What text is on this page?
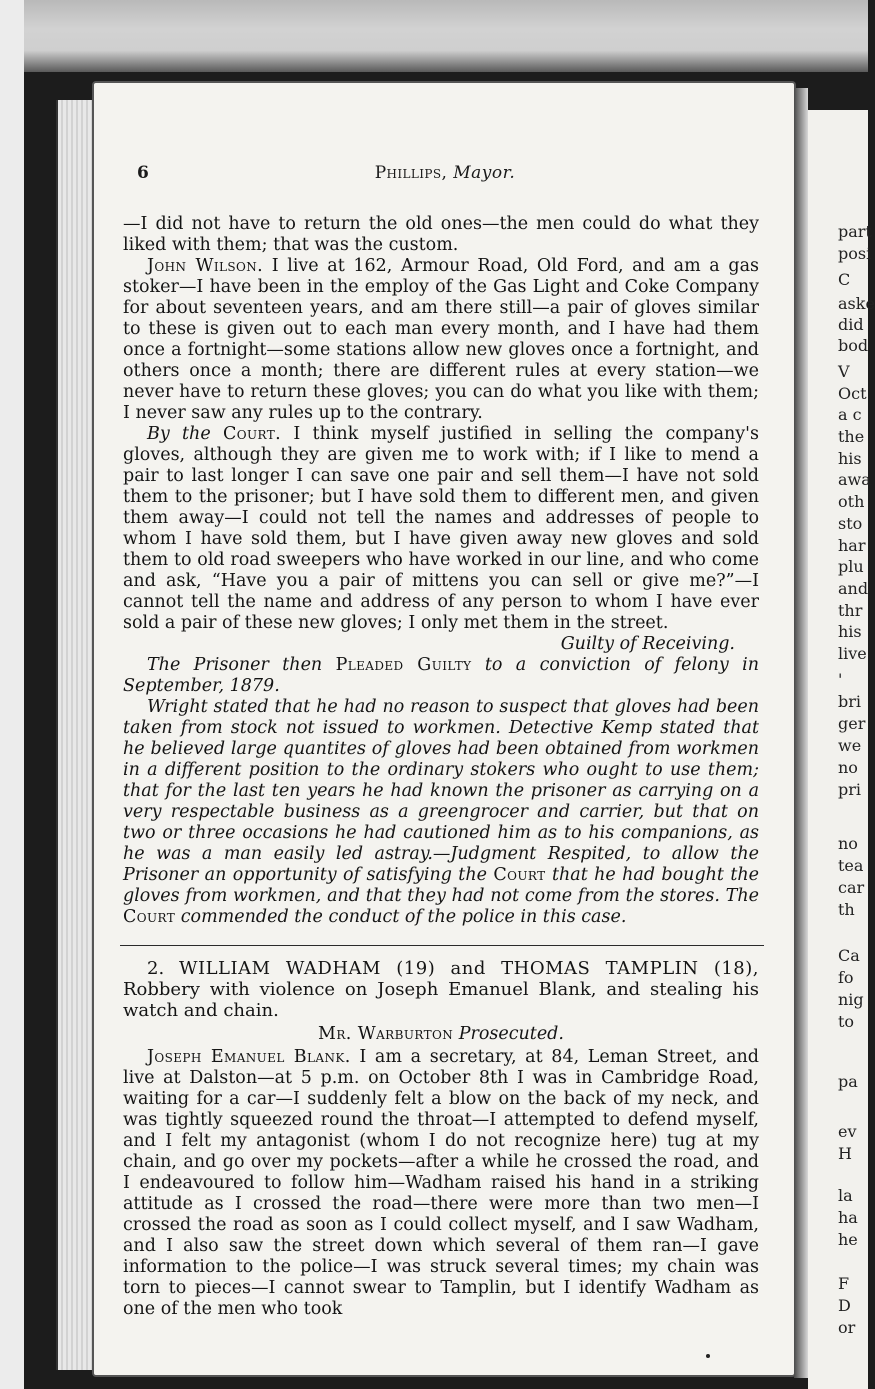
part
posi
C
aske
did
bod
V
Oct
a c
the
his
awa
oth
sto
har
plu
and
thr
his
live
'
bri
ger
we
no
pri
no
tea
car
th
Ca
fo
nig
to
pa
ev
H
la
ha
he
F
D
or
6	Phillips, Mayor.

—I did not have to return the old ones—the men could do what they liked with them; that was the custom.

John Wilson. I live at 162, Armour Road, Old Ford, and am a gas stoker—I have been in the employ of the Gas Light and Coke Company for about seventeen years, and am there still—a pair of gloves similar to these is given out to each man every month, and I have had them once a fortnight—some stations allow new gloves once a fortnight, and others once a month; there are different rules at every station—we never have to return these gloves; you can do what you like with them; I never saw any rules up to the contrary.

By the Court. I think myself justified in selling the company's gloves, although they are given me to work with; if I like to mend a pair to last longer I can save one pair and sell them—I have not sold them to the prisoner; but I have sold them to different men, and given them away—I could not tell the names and addresses of people to whom I have sold them, but I have given away new gloves and sold them to old road sweepers who have worked in our line, and who come and ask, “Have you a pair of mittens you can sell or give me?”—I cannot tell the name and address of any person to whom I have ever sold a pair of these new gloves; I only met them in the street.

Guilty of Receiving.

The Prisoner then Pleaded Guilty to a conviction of felony in September, 1879.

Wright stated that he had no reason to suspect that gloves had been taken from stock not issued to workmen. Detective Kemp stated that he believed large quantites of gloves had been obtained from workmen in a different position to the ordinary stokers who ought to use them; that for the last ten years he had known the prisoner as carrying on a very respectable business as a greengrocer and carrier, but that on two or three occasions he had cautioned him as to his companions, as he was a man easily led astray.—Judgment Respited, to allow the Prisoner an opportunity of satisfying the Court that he had bought the gloves from workmen, and that they had not come from the stores. The Court commended the conduct of the police in this case.

2. WILLIAM WADHAM (19) and THOMAS TAMPLIN (18), Robbery with violence on Joseph Emanuel Blank, and stealing his watch and chain.

Mr. Warburton Prosecuted.

Joseph Emanuel Blank. I am a secretary, at 84, Leman Street, and live at Dalston—at 5 p.m. on October 8th I was in Cambridge Road, waiting for a car—I suddenly felt a blow on the back of my neck, and was tightly squeezed round the throat—I attempted to defend myself, and I felt my antagonist (whom I do not recognize here) tug at my chain, and go over my pockets—after a while he crossed the road, and I endeavoured to follow him—Wadham raised his hand in a striking attitude as I crossed the road—there were more than two men—I crossed the road as soon as I could collect myself, and I saw Wadham, and I also saw the street down which several of them ran—I gave information to the police—I was struck several times; my chain was torn to pieces—I cannot swear to Tamplin, but I identify Wadham as one of the men who took
